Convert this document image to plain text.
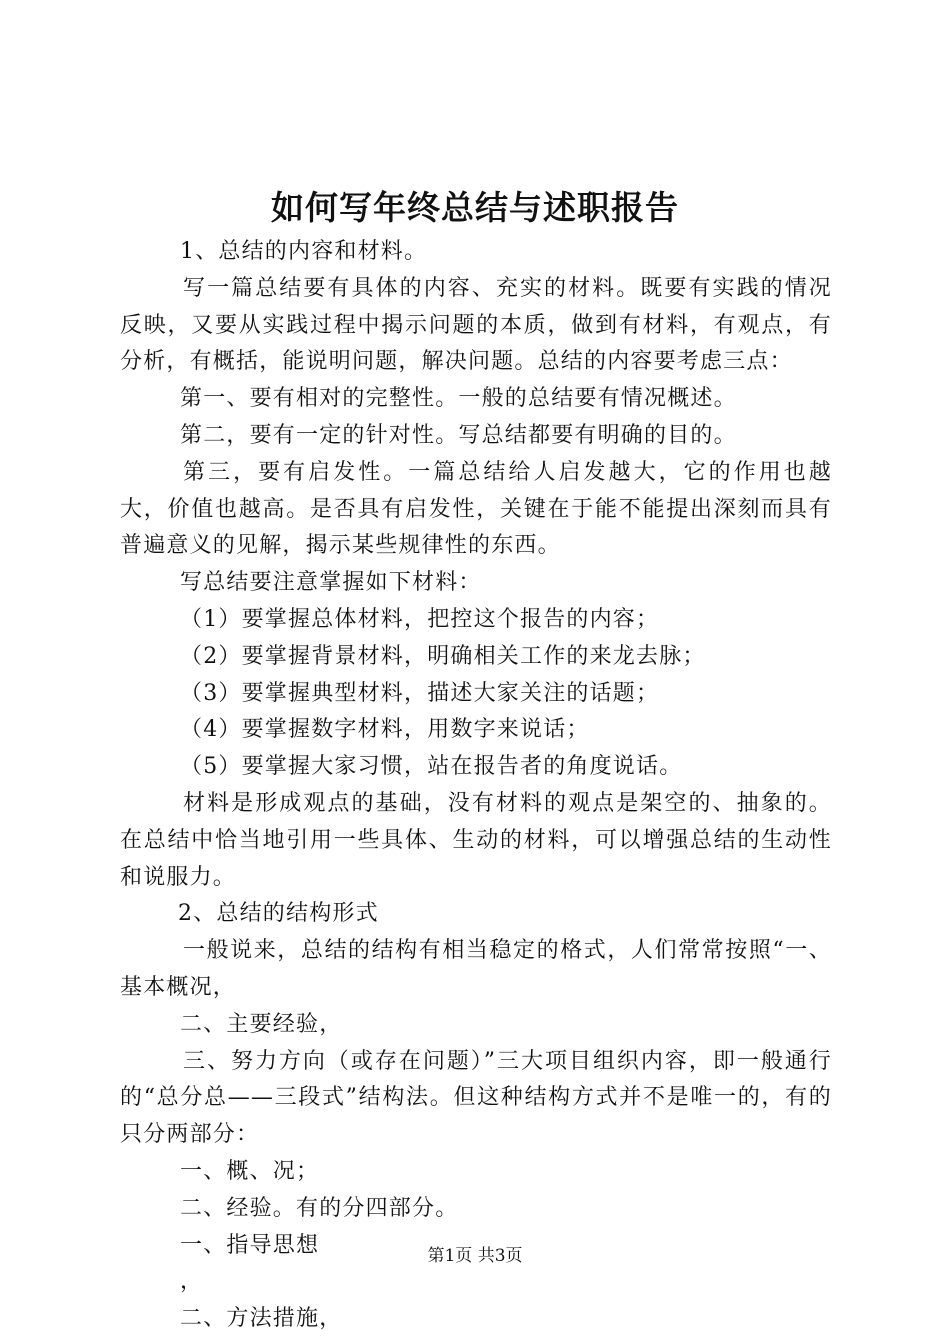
如何写年终总结与述职报告

1、总结的内容和材料。

写一篇总结要有具体的内容、充实的材料。既要有实践的情况反映，又要从实践过程中揭示问题的本质，做到有材料，有观点，有分析，有概括，能说明问题，解决问题。总结的内容要考虑三点：

第一、要有相对的完整性。一般的总结要有情况概述。

第二，要有一定的针对性。写总结都要有明确的目的。

第三，要有启发性。一篇总结给人启发越大，它的作用也越大，价值也越高。是否具有启发性，关键在于能不能提出深刻而具有普遍意义的见解，揭示某些规律性的东西。

写总结要注意掌握如下材料：

（1）要掌握总体材料，把控这个报告的内容；

（2）要掌握背景材料，明确相关工作的来龙去脉；

（3）要掌握典型材料，描述大家关注的话题；

（4）要掌握数字材料，用数字来说话；

（5）要掌握大家习惯，站在报告者的角度说话。

材料是形成观点的基础，没有材料的观点是架空的、抽象的。在总结中恰当地引用一些具体、生动的材料，可以增强总结的生动性和说服力。

2、总结的结构形式

一般说来，总结的结构有相当稳定的格式，人们常常按照“一、基本概况，

二、主要经验，

三、努力方向（或存在问题）”三大项目组织内容，即一般通行的“总分总——三段式”结构法。但这种结构方式并不是唯一的，有的只分两部分：

一、概、况；

二、经验。有的分四部分。

一、指导思想

，

二、方法措施，

第1页 共3页
